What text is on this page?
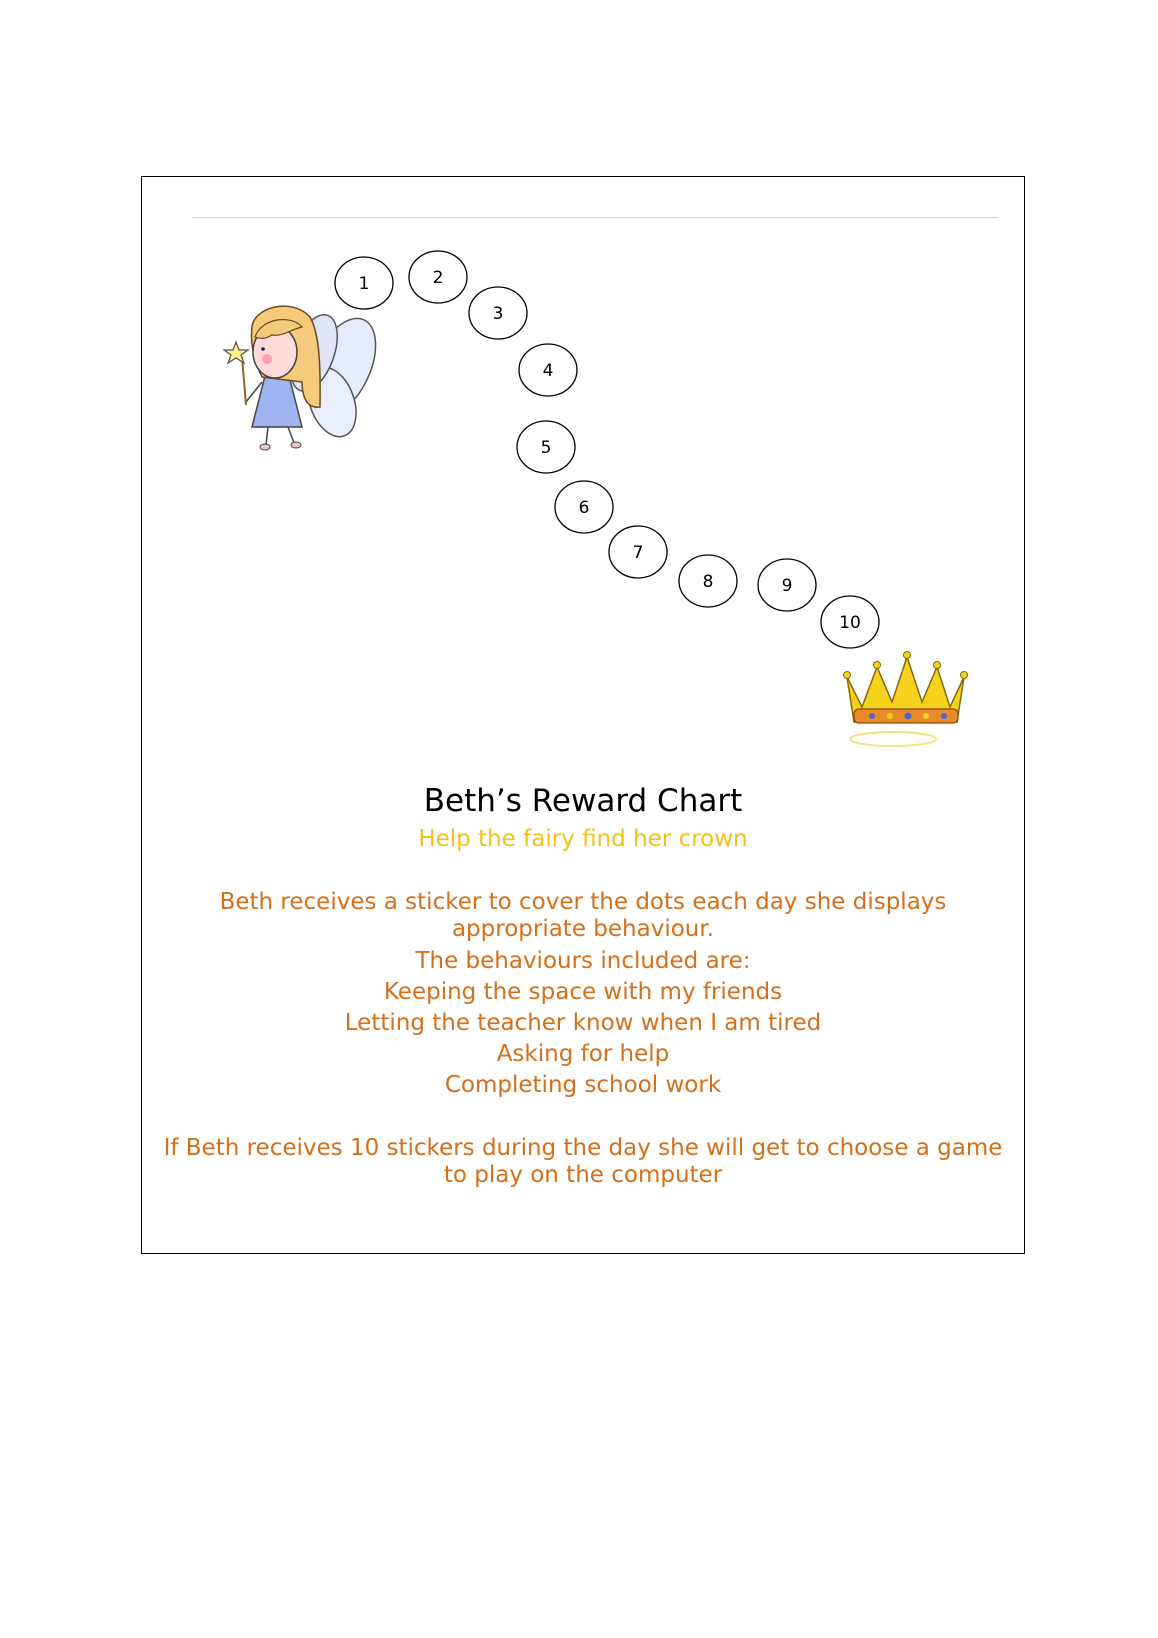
1	2
3
4
5
6
7
8	9
10
Beth’s Reward Chart

Help the fairy find her crown

Beth receives a sticker to cover the dots each day she displays appropriate behaviour.

The behaviours included are:

Keeping the space with my friends

Letting the teacher know when I am tired

Asking for help

Completing school work

If Beth receives 10 stickers during the day she will get to choose a game to play on the computer
